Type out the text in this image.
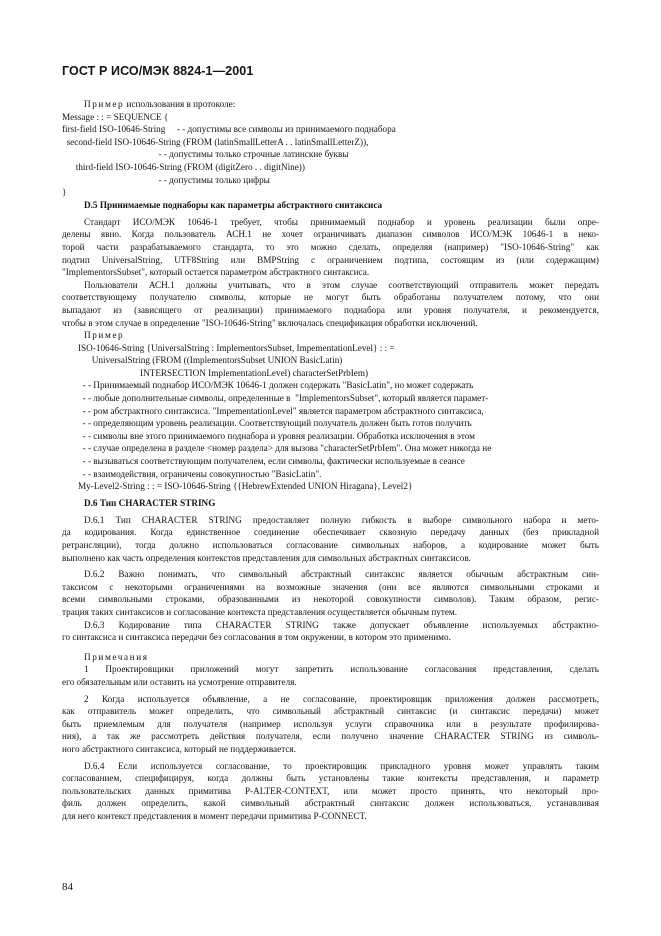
ГОСТ Р ИСО/МЭК 8824-1—2001
Пример использования в протоколе:
Message : : = SEQUENCE {
first-field ISO-10646-String     - - допустимы все символы из принимаемого поднабора
second-field ISO-10646-String (FROM (latinSmallLetterA . . latinSmallLetterZ)),
- - допустимы только строчные латинские буквы
third-field ISO-10646-String (FROM (digitZero . . digitNine))
- - допустимы только цифры
}
D.5 Принимаемые поднаборы как параметры абстрактного синтаксиса
Стандарт ИСО/МЭК 10646-1 требует, чтобы принимаемый поднабор и уровень реализации были опре-
делены явно. Когда пользователь АСН.1 не хочет ограничивать диапазон символов ИСО/МЭК 10646-1 в неко-
торой части разрабатываемого стандарта, то это можно сделать, определяя (например) "ISO-10646-String" как
подтип UniversalString, UTF8String или BMPString с ограничением подтипа, состоящим из (или содержащим)
"ImplementorsSubset", который остается параметром абстрактного синтаксиса.
Пользователи АСН.1 должны учитывать, что в этом случае соответствующий отправитель может передать
соответствующему получателю символы, которые не могут быть обработаны получателем потому, что они
выпадают из (зависящего от реализации) принимаемого поднабора или уровня получателя, и рекомендуется,
чтобы в этом случае в определение "ISO-10646-String" включалась спецификация обработки исключений.
Пример
ISO-10646-String {UniversalString : ImplementorsSubset, ImpementationLevel} : : =
UniversalString (FROM ((ImplementorsSubset UNION BasicLatin)
INTERSECTION ImplementationLevel) characterSetPrbIem)
- - Принимаемый поднабор ИСО/МЭК 10646-1 должен содержать "BasicLatin", но может содержать
- - любые дополнительные символы, определенные в  "ImplementorsSubset", который является парамет-
- - ром абстрактного синтаксиса. "ImpementationLevel" является параметром абстрактного синтаксиса,
- - определяющим уровень реализации. Соответствующий получатель должен быть готов получить
- - символы вне этого принимаемого поднабора и уровня реализации. Обработка исключения в этом
- - случае определена в разделе <номер раздела> для вызова "characterSetPrbIem". Она может никогда не
- - вызываться соответствующим получателем, если символы, фактически используемые в сеансе
- - взаимодействия, ограничены совокупностью "BasicLatin".
My-Level2-String : : = ISO-10646-String {{HebrewExtended UNION Hiragana}, Level2}
D.6 Тип CHARACTER STRING
D.6.1 Тип CHARACTER STRING предоставляет полную гибкость в выборе символьного набора и мето-
да кодирования. Когда единственное соединение обеспечивает сквозную передачу данных (без прикладной
ретрансляции), тогда должно использоваться согласование символьных наборов, а кодирование может быть
выполнено как часть определения контекстов представления для символьных абстрактных синтаксисов.
D.6.2 Важно понимать, что символьный абстрактный синтаксис является обычным абстрактным син-
таксисом с некоторыми ограничениями на возможные значения (они все являются символьными строками и
всеми символьными строками, образованными из некоторой совокупности символов). Таким образом, регис-
трация таких синтаксисов и согласование контекста представления осуществляется обычным путем.
D.6.3 Кодирование типа CHARACTER STRING также допускает объявление используемых абстрактно-
го синтаксиса и синтаксиса передачи без согласования в том окружении, в котором это применимо.
Примечания
1 Проектировщики приложений могут запретить использование согласования представления, сделать
его обязательным или оставить на усмотрение отправителя.
2 Когда используется объявление, а не согласование, проектировщик приложения должен рассмотреть,
как отправитель может определить, что символьный абстрактный синтаксис (и синтаксис передачи) может
быть приемлемым для получателя (например используя услуги справочника или в результате профилирова-
ния), а так же рассмотреть действия получателя, если получено значение CHARACTER STRING из символь-
ного абстрактного синтаксиса, который не поддерживается.
D.6.4 Если используется согласование, то проектировщик прикладного уровня может управлять таким
согласованием, специфицируя, когда должны быть установлены такие контексты представления, и параметр
пользовательских данных примитива P-ALTER-CONTEXT, или может просто принять, что некоторый про-
филь должен определить, какой символьный абстрактный синтаксис должен использоваться, устанавливая
для него контекст представления в момент передачи примитива P-CONNECT.
84
